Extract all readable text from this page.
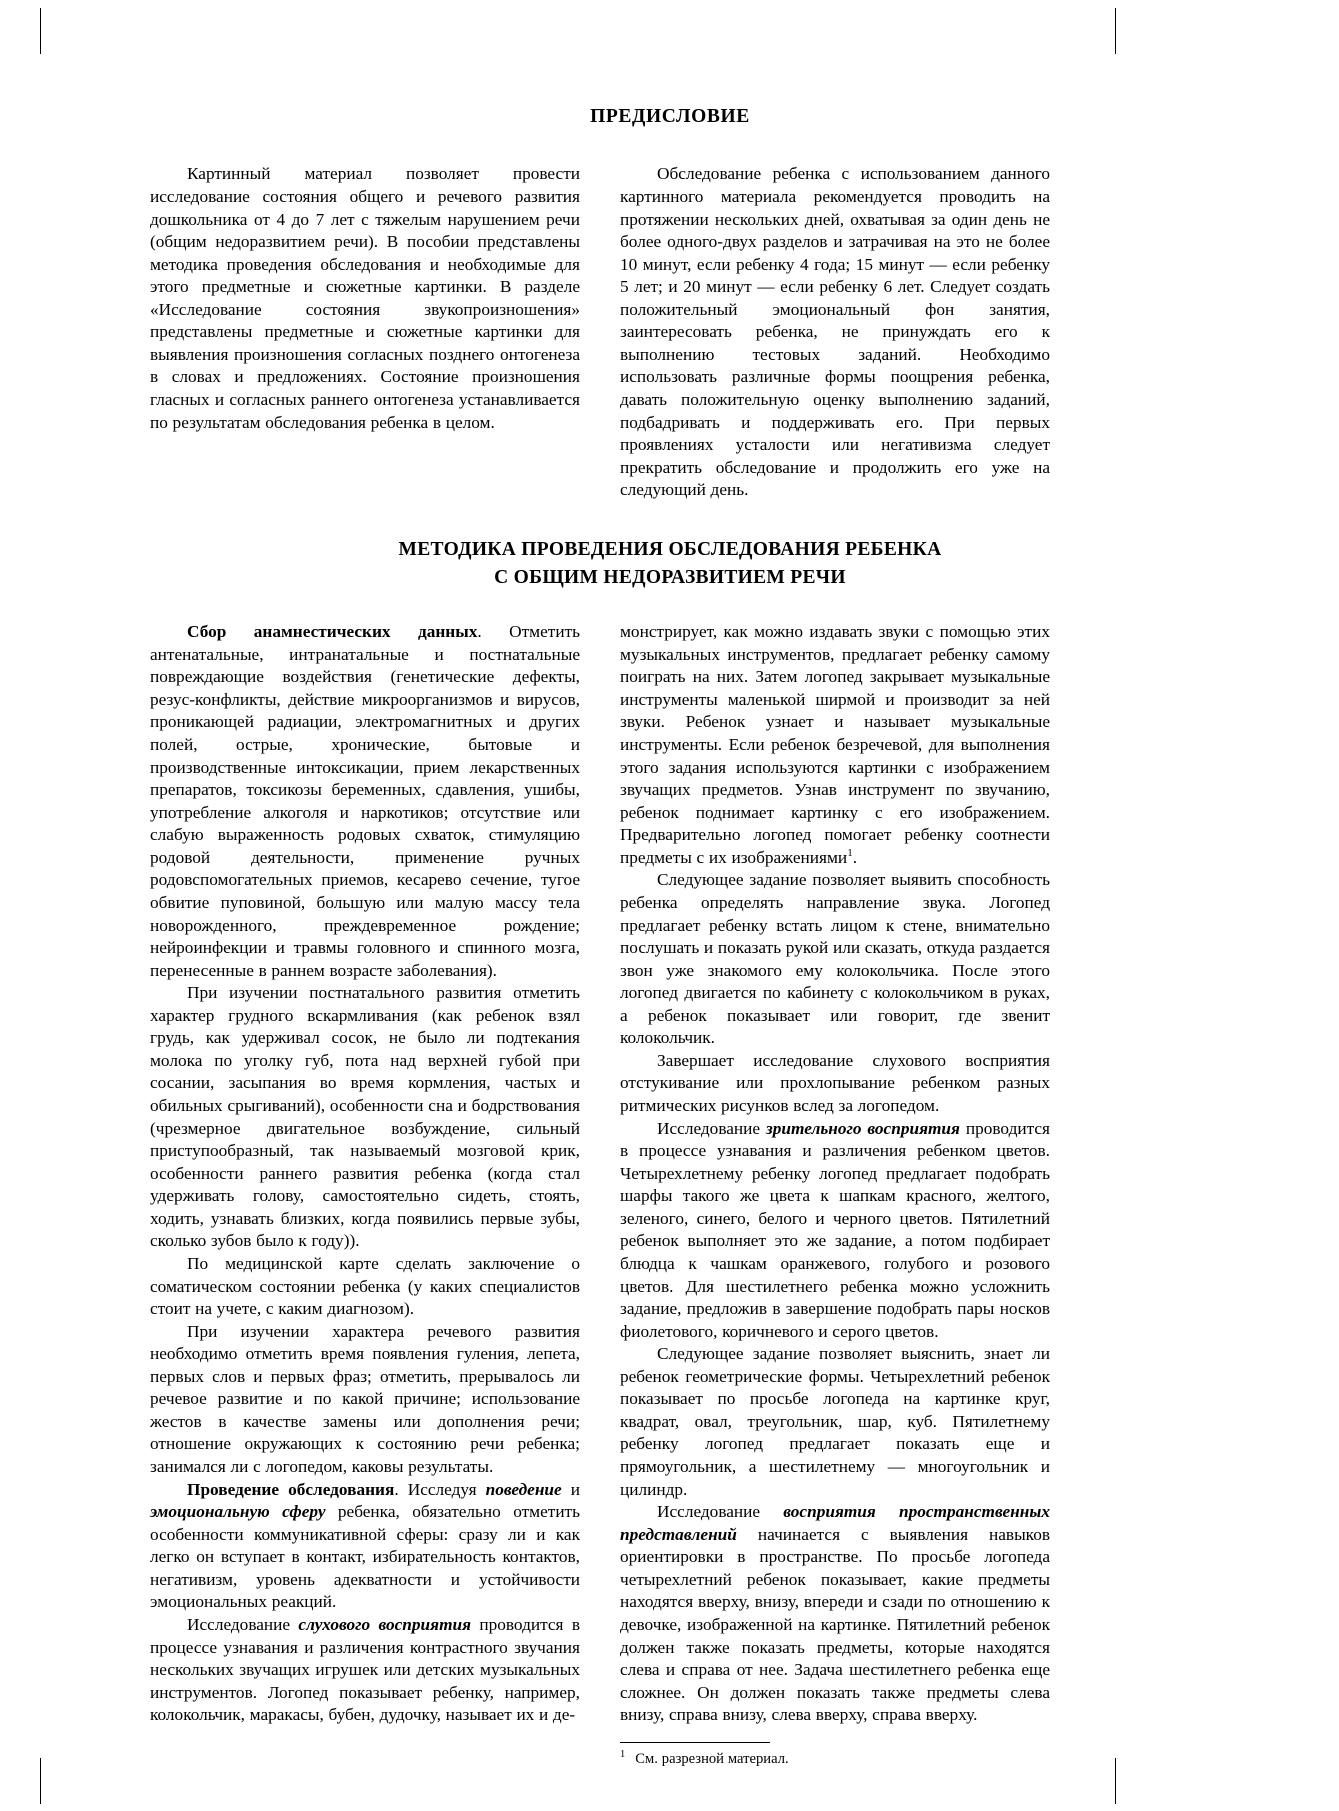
ПРЕДИСЛОВИЕ

Картинный материал позволяет провести исследование состояния общего и речевого развития дошкольника от 4 до 7 лет с тяжелым нарушением речи (общим недоразвитием речи). В пособии представлены методика проведения обследования и необходимые для этого предметные и сюжетные картинки. В разделе «Исследование состояния звукопроизношения» представлены предметные и сюжетные картинки для выявления произношения согласных позднего онтогенеза в словах и предложениях. Состояние произношения гласных и согласных раннего онтогенеза устанавливается по результатам обследования ребенка в целом.

Обследование ребенка с использованием данного картинного материала рекомендуется проводить на протяжении нескольких дней, охватывая за один день не более одного-двух разделов и затрачивая на это не более 10 минут, если ребенку 4 года; 15 минут — если ребенку 5 лет; и 20 минут — если ребенку 6 лет. Следует создать положительный эмоциональный фон занятия, заинтересовать ребенка, не принуждать его к выполнению тестовых заданий. Необходимо использовать различные формы поощрения ребенка, давать положительную оценку выполнению заданий, подбадривать и поддерживать его. При первых проявлениях усталости или негативизма следует прекратить обследование и продолжить его уже на следующий день.

МЕТОДИКА ПРОВЕДЕНИЯ ОБСЛЕДОВАНИЯ РЕБЕНКА
С ОБЩИМ НЕДОРАЗВИТИЕМ РЕЧИ

Сбор анамнестических данных. Отметить антенатальные, интранатальные и постнатальные повреждающие воздействия (генетические дефекты, резус-конфликты, действие микроорганизмов и вирусов, проникающей радиации, электромагнитных и других полей, острые, хронические, бытовые и производственные интоксикации, прием лекарственных препаратов, токсикозы беременных, сдавления, ушибы, употребление алкоголя и наркотиков; отсутствие или слабую выраженность родовых схваток, стимуляцию родовой деятельности, применение ручных родовспомогательных приемов, кесарево сечение, тугое обвитие пуповиной, большую или малую массу тела новорожденного, преждевременное рождение; нейроинфекции и травмы головного и спинного мозга, перенесенные в раннем возрасте заболевания).

При изучении постнатального развития отметить характер грудного вскармливания (как ребенок взял грудь, как удерживал сосок, не было ли подтекания молока по уголку губ, пота над верхней губой при сосании, засыпания во время кормления, частых и обильных срыгиваний), особенности сна и бодрствования (чрезмерное двигательное возбуждение, сильный приступообразный, так называемый мозговой крик, особенности раннего развития ребенка (когда стал удерживать голову, самостоятельно сидеть, стоять, ходить, узнавать близких, когда появились первые зубы, сколько зубов было к году)).

По медицинской карте сделать заключение о соматическом состоянии ребенка (у каких специалистов стоит на учете, с каким диагнозом).

При изучении характера речевого развития необходимо отметить время появления гуления, лепета, первых слов и первых фраз; отметить, прерывалось ли речевое развитие и по какой причине; использование жестов в качестве замены или дополнения речи; отношение окружающих к состоянию речи ребенка; занимался ли с логопедом, каковы результаты.

Проведение обследования. Исследуя поведение и эмоциональную сферу ребенка, обязательно отметить особенности коммуникативной сферы: сразу ли и как легко он вступает в контакт, избирательность контактов, негативизм, уровень адекватности и устойчивости эмоциональных реакций.

Исследование слухового восприятия проводится в процессе узнавания и различения контрастного звучания нескольких звучащих игрушек или детских музыкальных инструментов. Логопед показывает ребенку, например, колокольчик, маракасы, бубен, дудочку, называет их и де-

монстрирует, как можно издавать звуки с помощью этих музыкальных инструментов, предлагает ребенку самому поиграть на них. Затем логопед закрывает музыкальные инструменты маленькой ширмой и производит за ней звуки. Ребенок узнает и называет музыкальные инструменты. Если ребенок безречевой, для выполнения этого задания используются картинки с изображением звучащих предметов. Узнав инструмент по звучанию, ребенок поднимает картинку с его изображением. Предварительно логопед помогает ребенку соотнести предметы с их изображениями$^1$.

Следующее задание позволяет выявить способность ребенка определять направление звука. Логопед предлагает ребенку встать лицом к стене, внимательно послушать и показать рукой или сказать, откуда раздается звон уже знакомого ему колокольчика. После этого логопед двигается по кабинету с колокольчиком в руках, а ребенок показывает или говорит, где звенит колокольчик.

Завершает исследование слухового восприятия отстукивание или прохлопывание ребенком разных ритмических рисунков вслед за логопедом.

Исследование зрительного восприятия проводится в процессе узнавания и различения ребенком цветов. Четырехлетнему ребенку логопед предлагает подобрать шарфы такого же цвета к шапкам красного, желтого, зеленого, синего, белого и черного цветов. Пятилетний ребенок выполняет это же задание, а потом подбирает блюдца к чашкам оранжевого, голубого и розового цветов. Для шестилетнего ребенка можно усложнить задание, предложив в завершение подобрать пары носков фиолетового, коричневого и серого цветов.

Следующее задание позволяет выяснить, знает ли ребенок геометрические формы. Четырехлетний ребенок показывает по просьбе логопеда на картинке круг, квадрат, овал, треугольник, шар, куб. Пятилетнему ребенку логопед предлагает показать еще и прямоугольник, а шестилетнему — многоугольник и цилиндр.

Исследование восприятия пространственных представлений начинается с выявления навыков ориентировки в пространстве. По просьбе логопеда четырехлетний ребенок показывает, какие предметы находятся вверху, внизу, впереди и сзади по отношению к девочке, изображенной на картинке. Пятилетний ребенок должен также показать предметы, которые находятся слева и справа от нее. Задача шестилетнего ребенка еще сложнее. Он должен показать также предметы слева внизу, справа внизу, слева вверху, справа вверху.

$^1$ См. разрезной материал.
